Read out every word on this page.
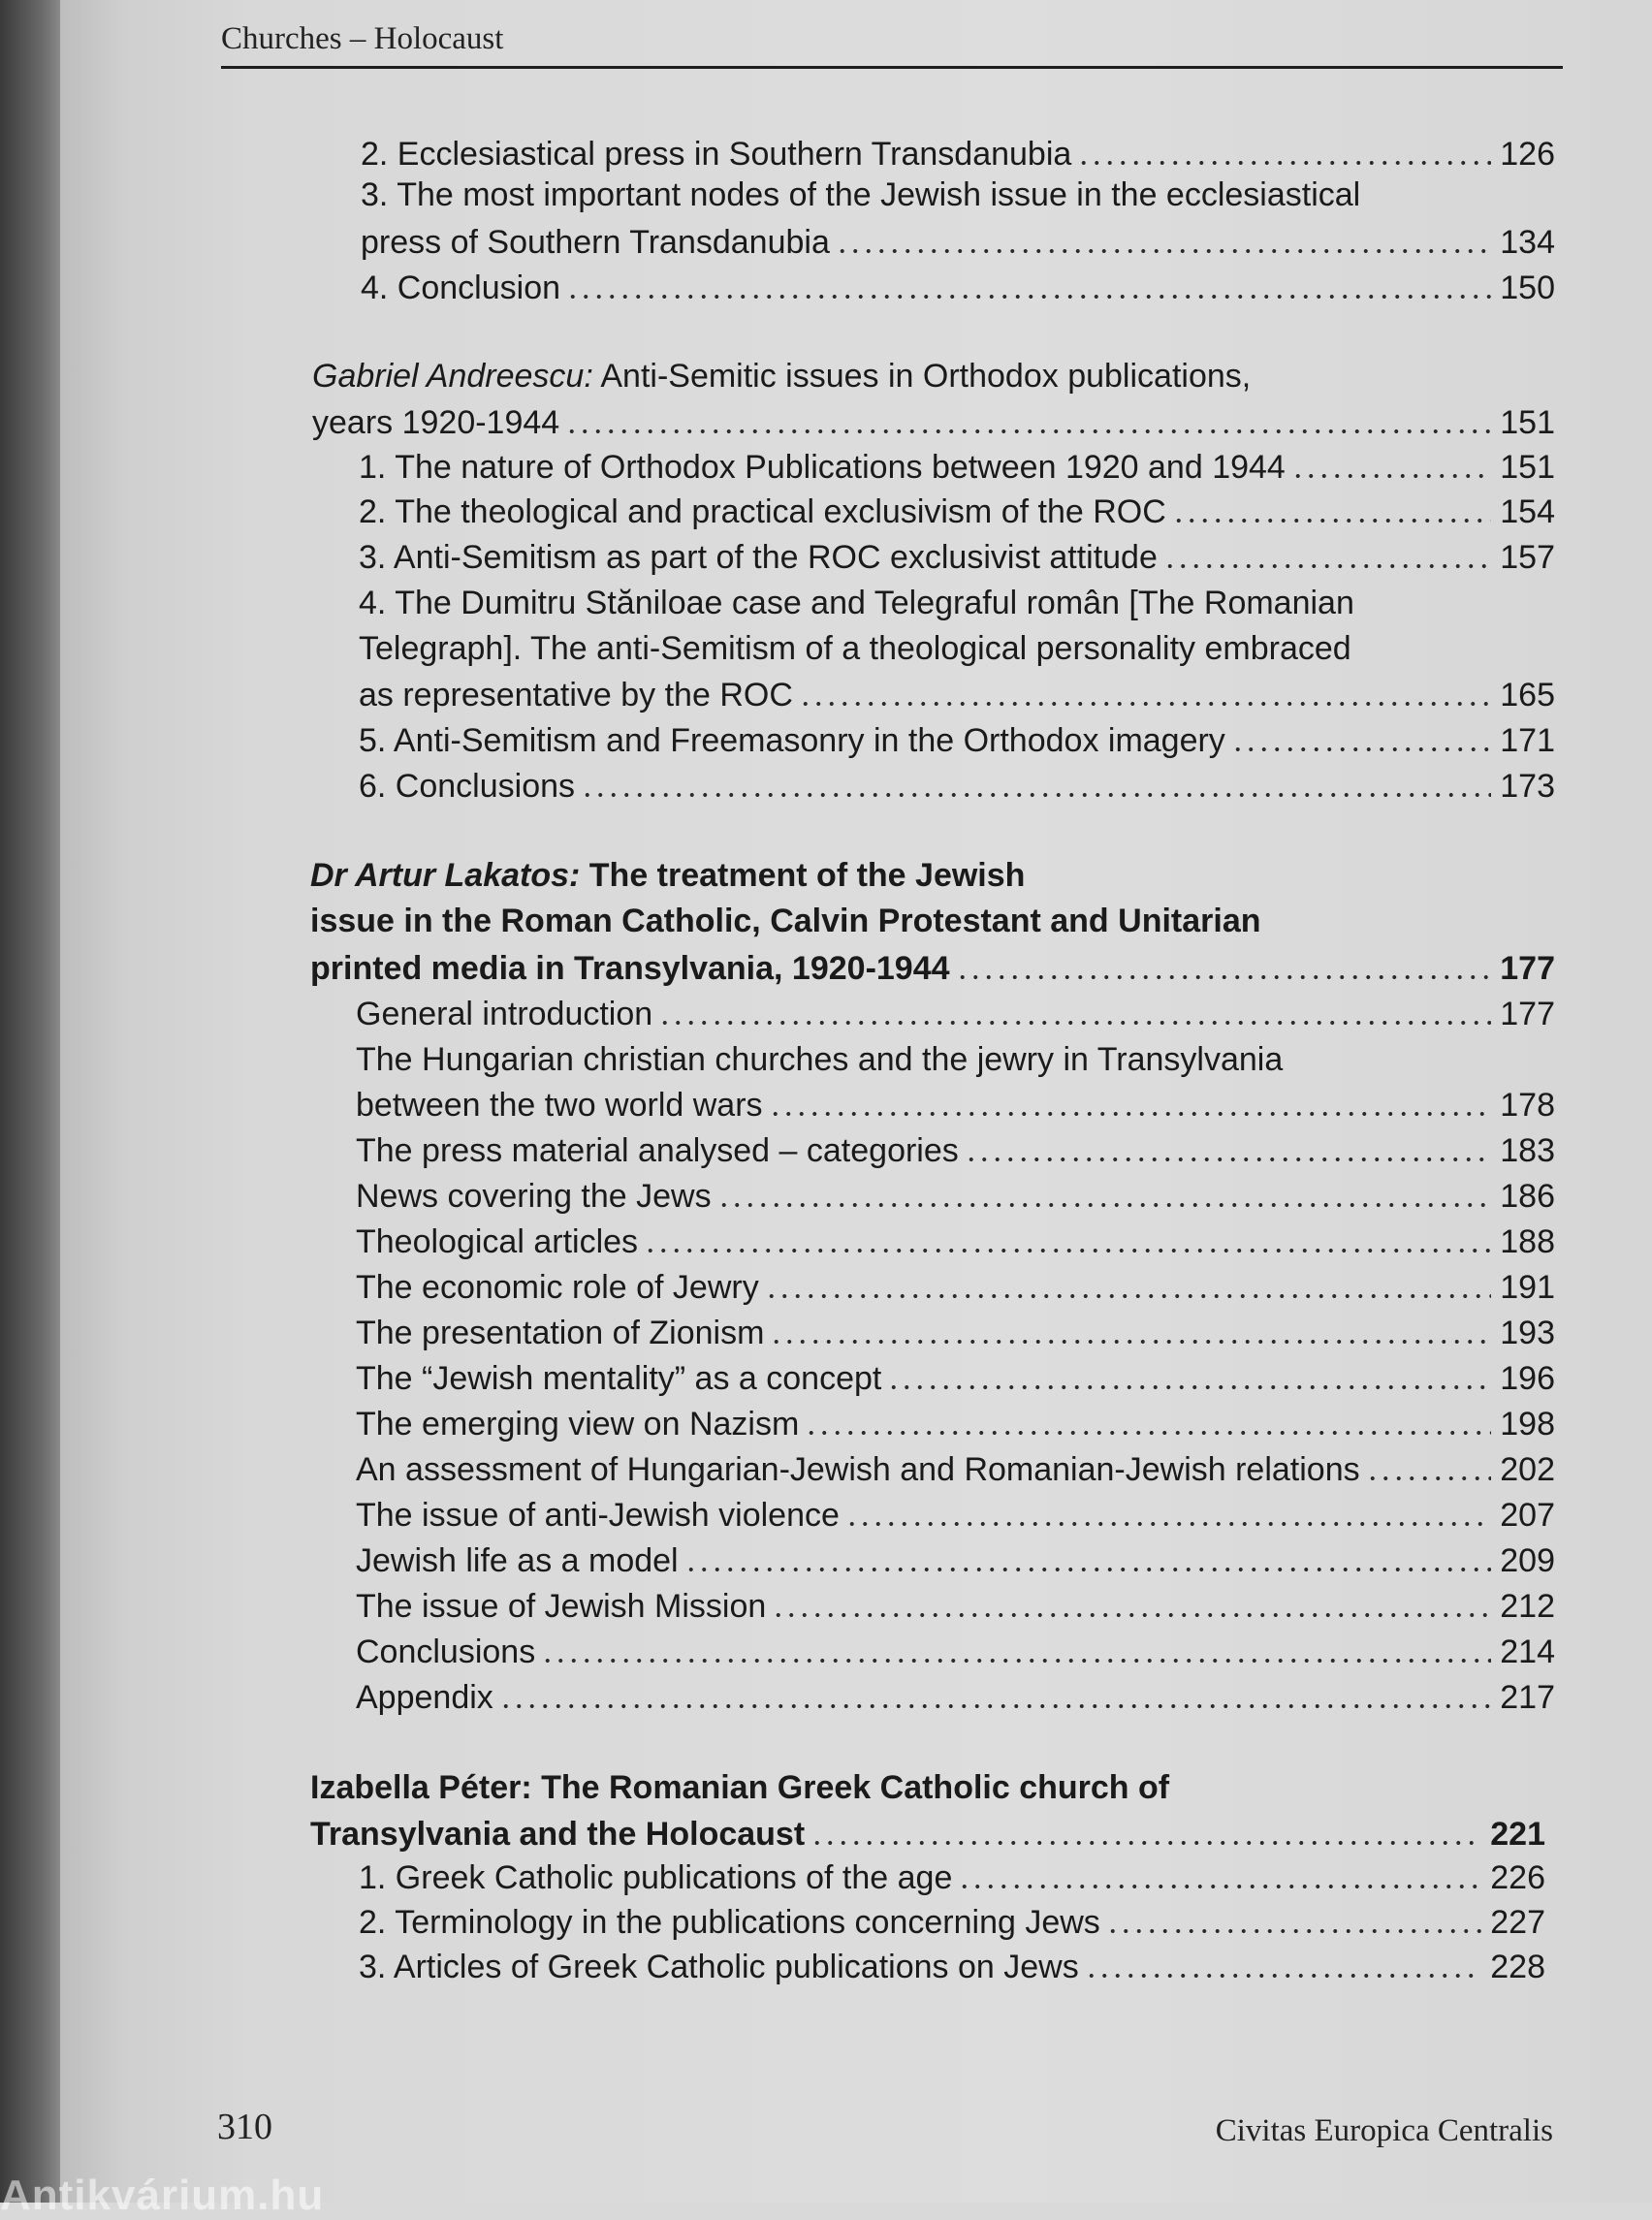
Churches – Holocaust
2. Ecclesiastical press in Southern Transdanubia	126
3. The most important nodes of the Jewish issue in the ecclesiastical
press of Southern Transdanubia	134
4. Conclusion	150
Gabriel Andreescu: Anti-Semitic issues in Orthodox publications,
years 1920-1944	151
1. The nature of Orthodox Publications between 1920 and 1944	151
2. The theological and practical exclusivism of the ROC	154
3. Anti-Semitism as part of the ROC exclusivist attitude	157
4. The Dumitru Stăniloae case and Telegraful român [The Romanian
Telegraph]. The anti-Semitism of a theological personality embraced
as representative by the ROC	165
5. Anti-Semitism and Freemasonry in the Orthodox imagery	171
6. Conclusions	173
Dr Artur Lakatos: The treatment of the Jewish
issue in the Roman Catholic, Calvin Protestant and Unitarian
printed media in Transylvania, 1920-1944	177
General introduction	177
The Hungarian christian churches and the jewry in Transylvania
between the two world wars	178
The press material analysed – categories	183
News covering the Jews	186
Theological articles	188
The economic role of Jewry	191
The presentation of Zionism	193
The “Jewish mentality” as a concept	196
The emerging view on Nazism	198
An assessment of Hungarian-Jewish and Romanian-Jewish relations	202
The issue of anti-Jewish violence	207
Jewish life as a model	209
The issue of Jewish Mission	212
Conclusions	214
Appendix	217
Izabella Péter: The Romanian Greek Catholic church of
Transylvania and the Holocaust	221
1. Greek Catholic publications of the age	226
2. Terminology in the publications concerning Jews	227
3. Articles of Greek Catholic publications on Jews	228
310	Civitas Europica Centralis
Antikvárium.hu
